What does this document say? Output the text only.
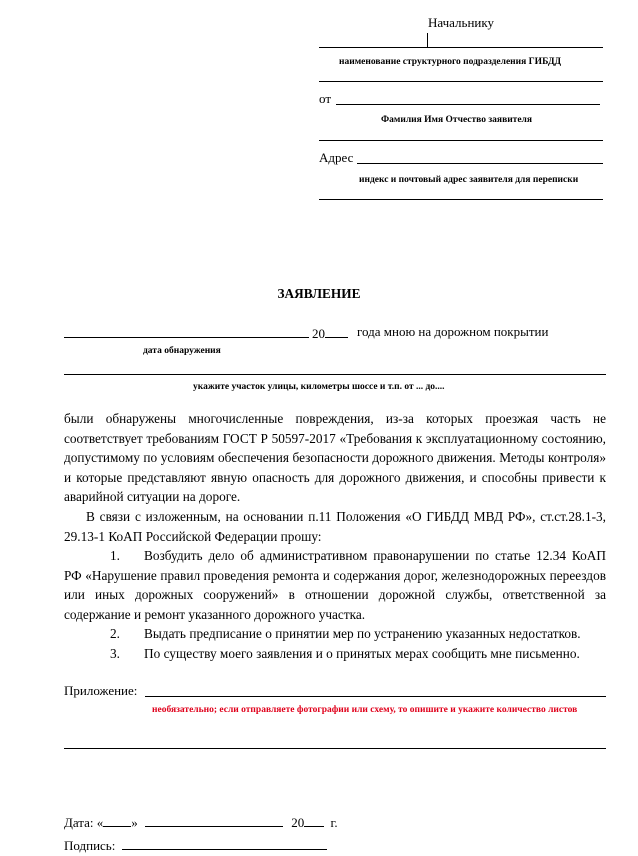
Начальнику
наименование структурного подразделения ГИБДД
от
Фамилия Имя Отчество заявителя
Адрес
индекс и почтовый адрес заявителя для переписки
ЗАЯВЛЕНИЕ
20	года мною на дорожном покрытии
дата обнаружения
укажите участок улицы, километры шоссе и т.п. от ... до....

были обнаружены многочисленные повреждения, из-за которых проезжая часть не соответствует требованиям ГОСТ Р 50597-2017 «Требования к эксплуатационному состоянию, допустимому по условиям обеспечения безопасности дорожного движения. Методы контроля» и которые представляют явную опасность для дорожного движения, и способны привести к аварийной ситуации на дороге.

В связи с изложенным, на основании п.11 Положения «О ГИБДД МВД РФ», ст.ст.28.1-3, 29.13-1 КоАП Российской Федерации прошу:

1. Возбудить дело об административном правонарушении по статье 12.34 КоАП РФ «Нарушение правил проведения ремонта и содержания дорог, железнодорожных переездов или иных дорожных сооружений» в отношении дорожной службы, ответственной за содержание и ремонт указанного дорожного участка.
2. Выдать предписание о принятии мер по устранению указанных недостатков.
3. По существу моего заявления и о принятых мерах сообщить мне письменно.
Приложение:
необязательно; если отправляете фотографии или схему, то опишите и укажите количество листов
Дата: « »	20 г.
Подпись:
